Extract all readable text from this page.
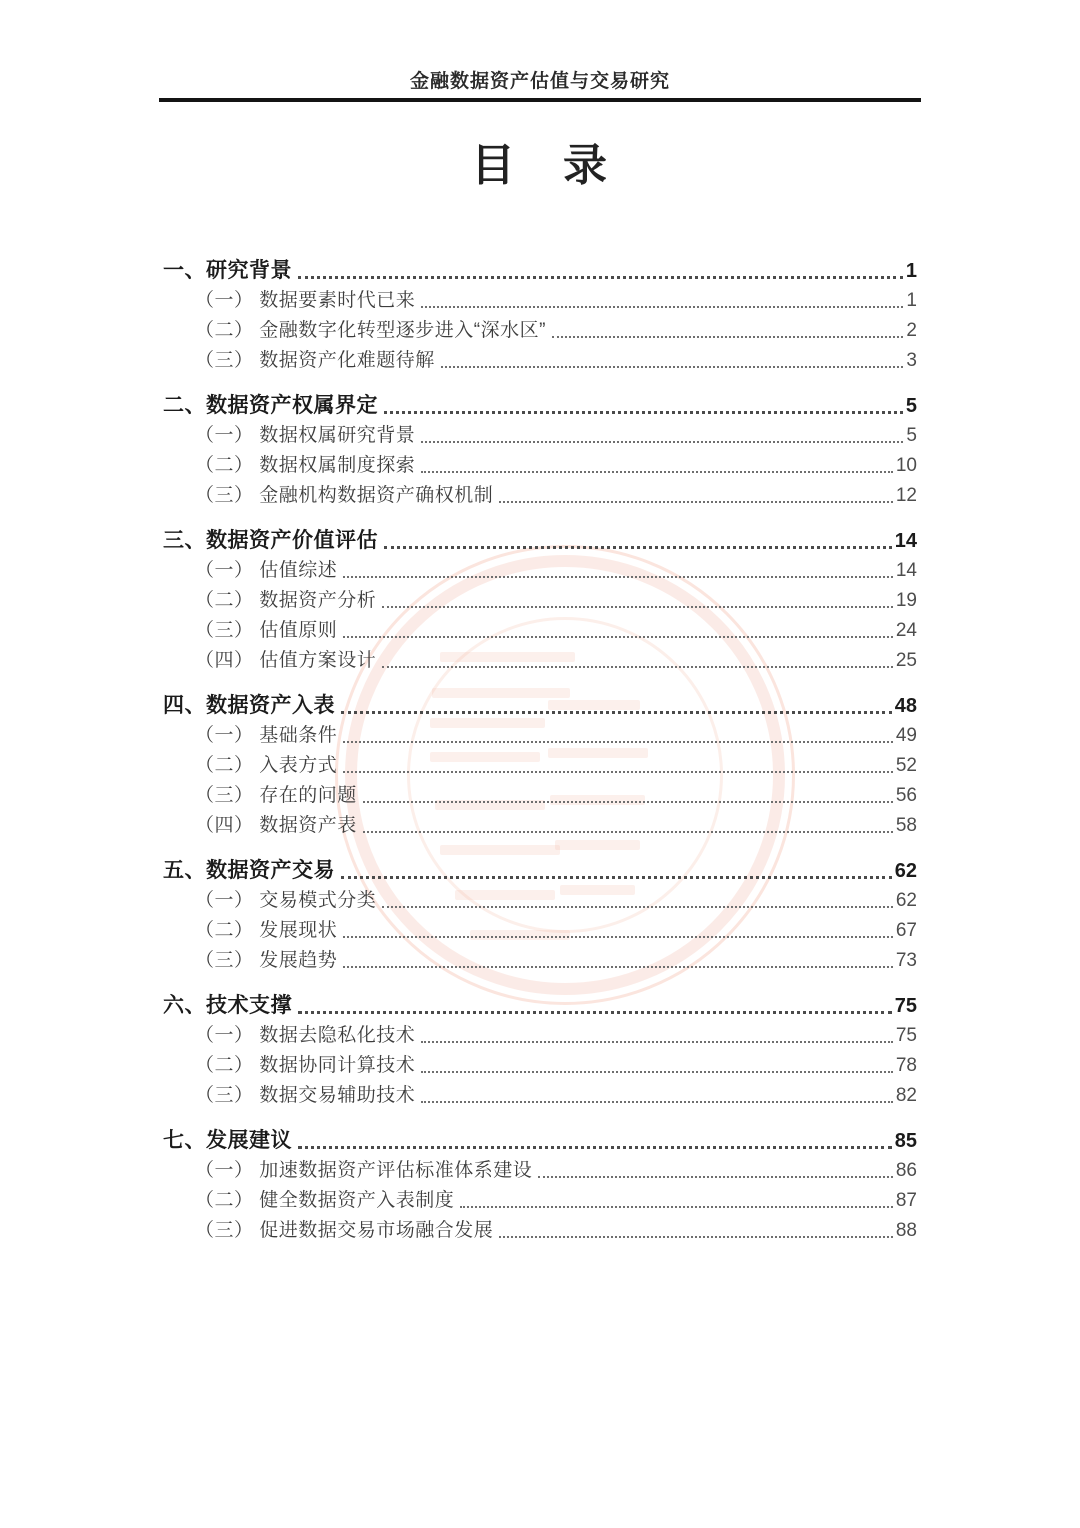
金融数据资产估值与交易研究
目　录
一、研究背景	1
（一） 数据要素时代已来	1
（二） 金融数字化转型逐步进入“深水区”	2
（三） 数据资产化难题待解	3
二、数据资产权属界定	5
（一） 数据权属研究背景	5
（二） 数据权属制度探索	10
（三） 金融机构数据资产确权机制	12
三、数据资产价值评估	14
（一） 估值综述	14
（二） 数据资产分析	19
（三） 估值原则	24
（四） 估值方案设计	25
四、数据资产入表	48
（一） 基础条件	49
（二） 入表方式	52
（三） 存在的问题	56
（四） 数据资产表	58
五、数据资产交易	62
（一） 交易模式分类	62
（二） 发展现状	67
（三） 发展趋势	73
六、技术支撑	75
（一） 数据去隐私化技术	75
（二） 数据协同计算技术	78
（三） 数据交易辅助技术	82
七、发展建议	85
（一） 加速数据资产评估标准体系建设	86
（二） 健全数据资产入表制度	87
（三） 促进数据交易市场融合发展	88
